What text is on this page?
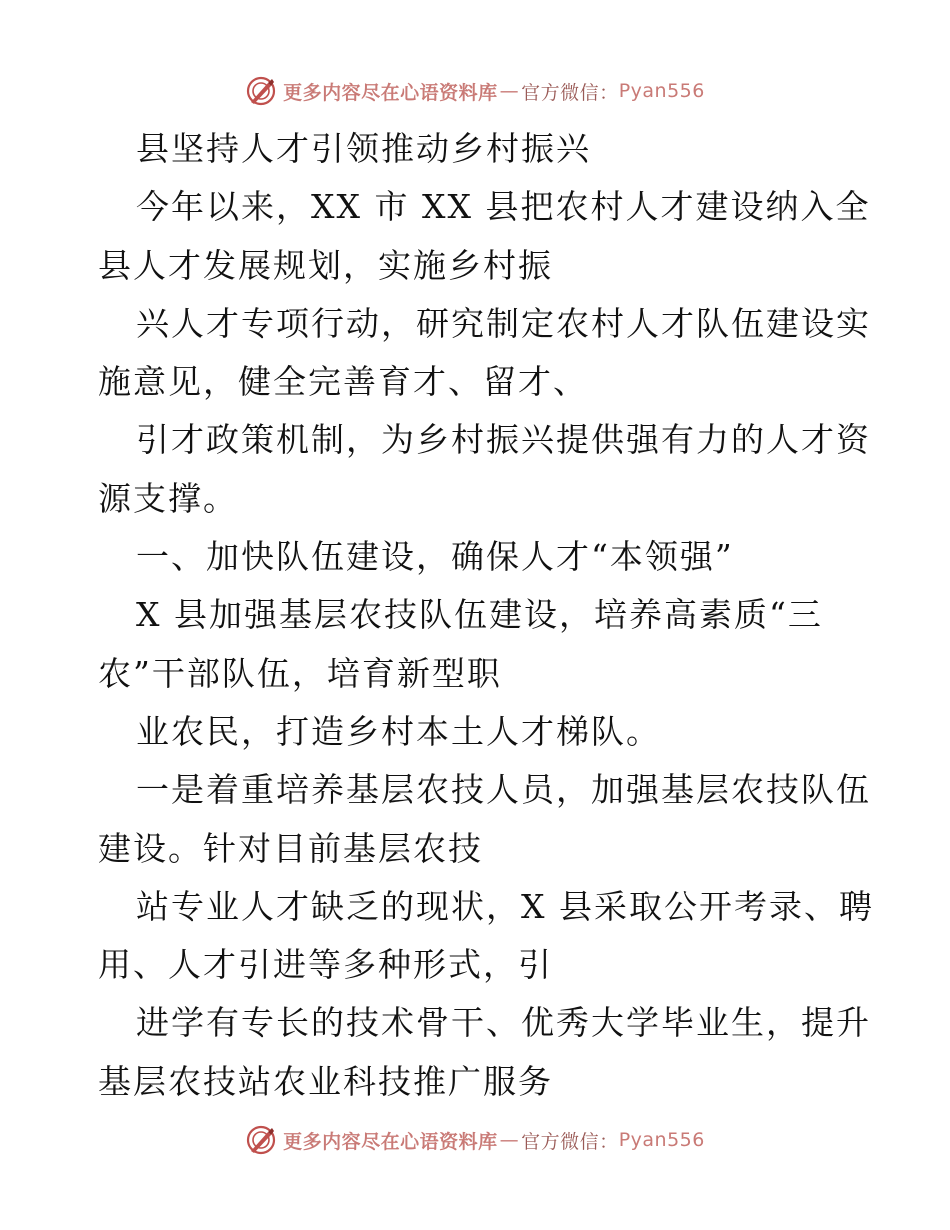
更多内容尽在心语资料库 — 官方微信： Pyan556
县坚持人才引领推动乡村振兴
今年以来，XX 市 XX 县把农村人才建设纳入全
县人才发展规划，实施乡村振
兴人才专项行动，研究制定农村人才队伍建设实
施意见，健全完善育才、留才、
引才政策机制，为乡村振兴提供强有力的人才资
源支撑。
一、加快队伍建设，确保人才“本领强”
X 县加强基层农技队伍建设，培养高素质“三
农”干部队伍，培育新型职
业农民，打造乡村本土人才梯队。
一是着重培养基层农技人员，加强基层农技队伍
建设。针对目前基层农技
站专业人才缺乏的现状，X 县采取公开考录、聘
用、人才引进等多种形式，引
进学有专长的技术骨干、优秀大学毕业生，提升
基层农技站农业科技推广服务
更多内容尽在心语资料库 — 官方微信： Pyan556
